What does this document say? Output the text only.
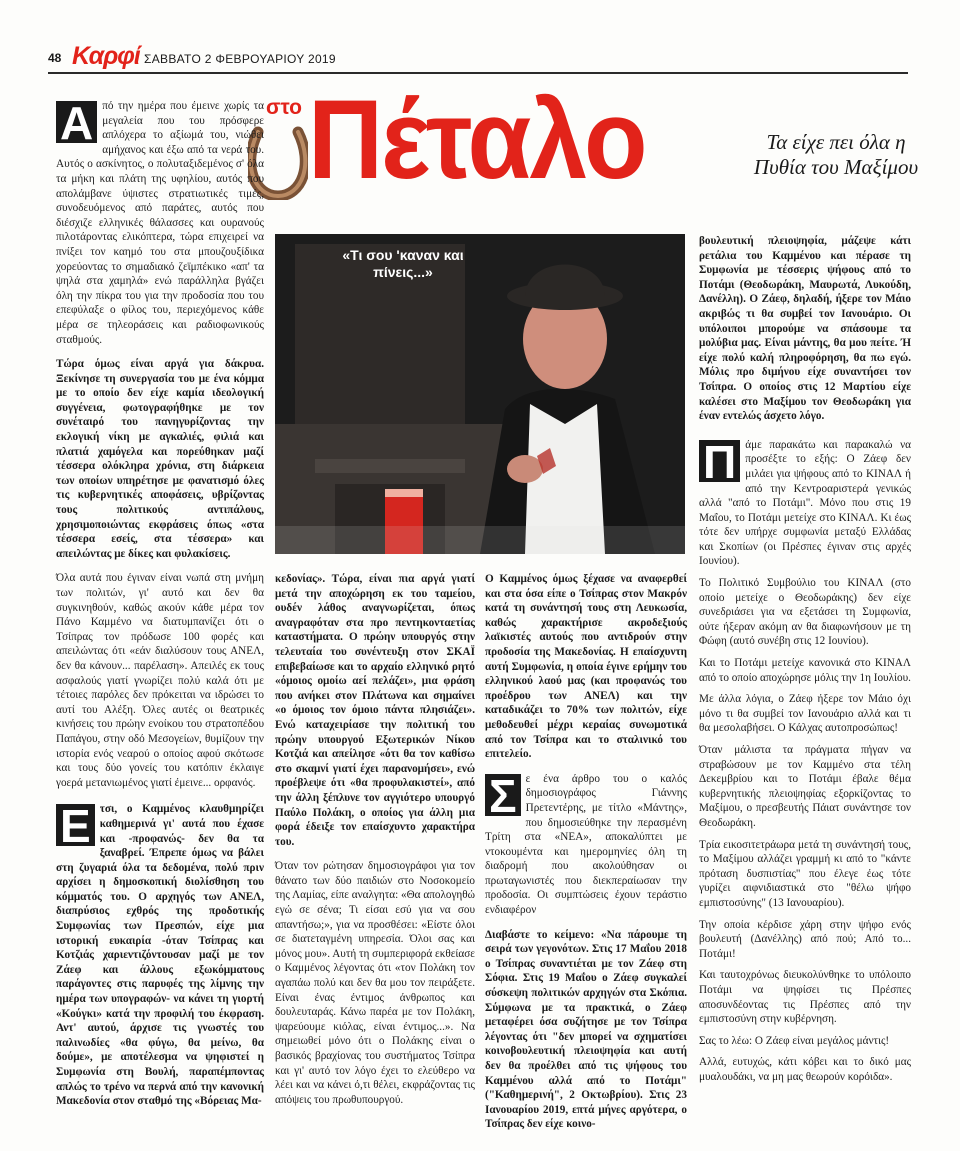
48 Καρφί ΣΑΒΒΑΤΟ 2 ΦΕΒΡΟΥΑΡΙΟΥ 2019
στο Πέταλο	Τα είχε πει όλα η Πυθία του Μαξίμου
«Τι σου 'καναν και πίνεις...»

Α πό την ημέρα που έμεινε χωρίς τα μεγαλεία που του πρόσφερε απλόχερα το αξίωμά του, νιώθει αμήχανος και έξω από τα νερά του. Αυτός ο ασκίνητος, ο πολυταξιδεμένος σ' όλα τα μήκη και πλάτη της υφηλίου, αυτός που απολάμβανε ύψιστες στρατιωτικές τιμές, συνοδευόμενος από παράτες, αυτός που διέσχιζε ελληνικές θάλασσες και ουρανούς πιλοτάροντας ελικόπτερα, τώρα επιχειρεί να πνίξει τον καημό του στα μπουζουξίδικα χορεύοντας το σημαδιακό ζεϊμπέκικο «απ' τα ψηλά στα χαμηλά» ενώ παράλληλα βγάζει όλη την πίκρα του για την προδοσία που του επεφύλαξε ο φίλος του, περιεχόμενος κάθε μέρα σε τηλεοράσεις και ραδιοφωνικούς σταθμούς.

Τώρα όμως είναι αργά για δάκρυα. Ξεκίνησε τη συνεργασία του με ένα κόμμα με το οποίο δεν είχε καμία ιδεολογική συγγένεια, φωτογραφήθηκε με τον συνέταιρό του πανηγυρίζοντας την εκλογική νίκη με αγκαλιές, φιλιά και πλατιά χαμόγελα και πορεύθηκαν μαζί τέσσερα ολόκληρα χρόνια, στη διάρκεια των οποίων υπηρέτησε με φανατισμό όλες τις κυβερνητικές αποφάσεις, υβρίζοντας τους πολιτικούς αντιπάλους, χρησιμοποιώντας εκφράσεις όπως «στα τέσσερα εσείς, στα τέσσερα» και απειλώντας με δίκες και φυλακίσεις.

Όλα αυτά που έγιναν είναι νωπά στη μνήμη των πολιτών, γι' αυτό και δεν θα συγκινηθούν, καθώς ακούν κάθε μέρα τον Πάνο Καμμένο να διατυμπανίζει ότι ο Τσίπρας τον πρόδωσε 100 φορές και απειλώντας ότι «εάν διαλύσουν τους ΑΝΕΛ, δεν θα κάνουν... παρέλαση». Απειλές εκ τους ασφαλούς γιατί γνωρίζει πολύ καλά ότι με τέτοιες παρόλες δεν πρόκειται να ιδρώσει το αυτί του Αλέξη. Όλες αυτές οι θεατρικές κινήσεις του πρώην ενοίκου του στρατοπέδου Παπάγου, στην οδό Μεσογείων, θυμίζουν την ιστορία ενός νεαρού ο οποίος αφού σκότωσε και τους δύο γονείς του κατόπιν έκλαιγε γοερά μετανιωμένος γιατί έμεινε... ορφανός.

Ε τσι, ο Καμμένος κλαυθμηρίζει καθημερινά γι' αυτά που έχασε και -προφανώς- δεν θα τα ξαναβρεί. Έπρεπε όμως να βάλει στη ζυγαριά όλα τα δεδομένα, πολύ πριν αρχίσει η δημοσκοπική διολίσθηση του κόμματός του. Ο αρχηγός των ΑΝΕΛ, διαπρύσιος εχθρός της προδοτικής Συμφωνίας των Πρεσπών, είχε μια ιστορική ευκαιρία -όταν Τσίπρας και Κοτζιάς χαριεντιζόντουσαν μαζί με τον Ζάεφ και άλλους εξωκόμματους παράγοντες στις παρυφές της λίμνης την ημέρα των υπογραφών- να κάνει τη γιορτή «Κούγκι» κατά την προφιλή του έκφραση. Αντ' αυτού, άρχισε τις γνωστές του παλινωδίες «θα φύγω, θα μείνω, θα δούμε», με αποτέλεσμα να ψηφιστεί η Συμφωνία στη Βουλή, παραπέμποντας απλώς το τρένο να περνά από την κανονική Μακεδονία στον σταθμό της «Βόρειας Μα-

κεδονίας». Τώρα, είναι πια αργά γιατί μετά την αποχώρηση εκ του ταμείου, ουδέν λάθος αναγνωρίζεται, όπως αναγραφόταν στα προ πεντηκονταετίας καταστήματα. Ο πρώην υπουργός στην τελευταία του συνέντευξη στον ΣΚΑΪ επιβεβαίωσε και το αρχαίο ελληνικό ρητό «όμοιος ομοίω αεί πελάζει», μια φράση που ανήκει στον Πλάτωνα και σημαίνει «ο όμοιος τον όμοιο πάντα πλησιάζει». Ενώ καταχειρίασε την πολιτική του πρώην υπουργού Εξωτερικών Νίκου Κοτζιά και απείλησε «ότι θα τον καθίσω στο σκαμνί γιατί έχει παρανομήσει», ενώ προέβλεψε ότι «θα προφυλακιστεί», από την άλλη ξέπλυνε τον αγγιότερο υπουργό Παύλο Πολάκη, ο οποίος για άλλη μια φορά έδειξε τον επαίσχυντο χαρακτήρα του.

Όταν τον ρώτησαν δημοσιογράφοι για τον θάνατο των δύο παιδιών στο Νοσοκομείο της Λαμίας, είπε αναλγητα: «Θα απολογηθώ εγώ σε σένα; Τι είσαι εσύ για να σου απαντήσω;», για να προσθέσει: «Είστε όλοι σε διατεταγμένη υπηρεσία. Όλοι σας και μόνος μου». Αυτή τη συμπεριφορά εκθείασε ο Καμμένος λέγοντας ότι «τον Πολάκη τον αγαπάω πολύ και δεν θα μου τον πειράξετε. Είναι ένας έντιμος άνθρωπος και δουλευταράς. Κάνω παρέα με τον Πολάκη, ψαρεύουμε κιόλας, είναι έντιμος...». Να σημειωθεί μόνο ότι ο Πολάκης είναι ο βασικός βραχίονας του συστήματος Τσίπρα και γι' αυτό τον λόγο έχει το ελεύθερο να λέει και να κάνει ό,τι θέλει, εκφράζοντας τις απόψεις του πρωθυπουργού.

Ο Καμμένος όμως ξέχασε να αναφερθεί και στα όσα είπε ο Τσίπρας στον Μακρόν κατά τη συνάντησή τους στη Λευκωσία, καθώς χαρακτήρισε ακροδεξιούς λαϊκιστές αυτούς που αντιδρούν στην προδοσία της Μακεδονίας. Η επαίσχυντη αυτή Συμφωνία, η οποία έγινε ερήμην του ελληνικού λαού μας (και προφανώς του προέδρου των ΑΝΕΛ) και την καταδικάζει το 70% των πολιτών, είχε μεθοδευθεί μέχρι κεραίας συνωμοτικά από τον Τσίπρα και το σταλινικό του επιτελείο.

Σ ε ένα άρθρο του ο καλός δημοσιογράφος Γιάννης Πρετεντέρης, με τίτλο «Μάντης», που δημοσιεύθηκε την περασμένη Τρίτη στα «ΝΕΑ», αποκαλύπτει με ντοκουμέντα και ημερομηνίες όλη τη διαδρομή που ακολούθησαν οι πρωταγωνιστές που διεκπεραίωσαν την προδοσία. Οι συμπτώσεις έχουν τεράστιο ενδιαφέρον

Διαβάστε το κείμενο: «Να πάρουμε τη σειρά των γεγονότων. Στις 17 Μαΐου 2018 ο Τσίπρας συναντιέται με τον Ζάεφ στη Σόφια. Στις 19 Μαΐου ο Ζάεφ συγκαλεί σύσκεψη πολιτικών αρχηγών στα Σκόπια. Σύμφωνα με τα πρακτικά, ο Ζάεφ μεταφέρει όσα συζήτησε με τον Τσίπρα λέγοντας ότι "δεν μπορεί να σχηματίσει κοινοβουλευτική πλειοψηφία και αυτή δεν θα προέλθει από τις ψήφους του Καμμένου αλλά από το Ποτάμι" ("Καθημερινή", 2 Οκτωβρίου). Στις 23 Ιανουαρίου 2019, επτά μήνες αργότερα, ο Τσίπρας δεν είχε κοινο-

βουλευτική πλειοψηφία, μάζεψε κάτι ρετάλια του Καμμένου και πέρασε τη Συμφωνία με τέσσερις ψήφους από το Ποτάμι (Θεοδωράκη, Μαυρωτά, Λυκούδη, Δανέλλη). Ο Ζάεφ, δηλαδή, ήξερε τον Μάιο ακριβώς τι θα συμβεί τον Ιανουάριο. Οι υπόλοιποι μπορούμε να σπάσουμε τα μολύβια μας. Είναι μάντης, θα μου πείτε. Ή είχε πολύ καλή πληροφόρηση, θα πω εγώ. Μόλις προ διμήνου είχε συναντήσει τον Τσίπρα. Ο οποίος στις 12 Μαρτίου είχε καλέσει στο Μαξίμου τον Θεοδωράκη για έναν εντελώς άσχετο λόγο.

Π άμε παρακάτω και παρακαλώ να προσέξτε το εξής: Ο Ζάεφ δεν μιλάει για ψήφους από το ΚΙΝΑΛ ή από την Κεντροαριστερά γενικώς αλλά "από το Ποτάμι". Μόνο που στις 19 Μαΐου, το Ποτάμι μετείχε στο ΚΙΝΑΛ. Κι έως τότε δεν υπήρχε συμφωνία μεταξύ Ελλάδας και Σκοπίων (οι Πρέσπες έγιναν στις αρχές Ιουνίου).

Το Πολιτικό Συμβούλιο του ΚΙΝΑΛ (στο οποίο μετείχε ο Θεοδωράκης) δεν είχε συνεδριάσει για να εξετάσει τη Συμφωνία, ούτε ήξεραν ακόμη αν θα διαφωνήσουν με τη Φώφη (αυτό συνέβη στις 12 Ιουνίου).

Και το Ποτάμι μετείχε κανονικά στο ΚΙΝΑΛ από το οποίο αποχώρησε μόλις την 1η Ιουλίου.

Με άλλα λόγια, ο Ζάεφ ήξερε τον Μάιο όχι μόνο τι θα συμβεί τον Ιανουάριο αλλά και τι θα μεσολαβήσει. Ο Κάλχας αυτοπροσώπως!

Όταν μάλιστα τα πράγματα πήγαν να στραβώσουν με τον Καμμένο στα τέλη Δεκεμβρίου και το Ποτάμι έβαλε θέμα κυβερνητικής πλειοψηφίας εξορκίζοντας το Μαξίμου, ο πρεσβευτής Πάιατ συνάντησε τον Θεοδωράκη.

Τρία εικοσιτετράωρα μετά τη συνάντησή τους, το Μαξίμου αλλάζει γραμμή κι από το "κάντε πρόταση δυσπιστίας" που έλεγε έως τότε γυρίζει αιφνιδιαστικά στο "θέλω ψήφο εμπιστοσύνης" (13 Ιανουαρίου).

Την οποία κέρδισε χάρη στην ψήφο ενός βουλευτή (Δανέλλης) από πού; Από το... Ποτάμι!

Και ταυτοχρόνως διευκολύνθηκε το υπόλοιπο Ποτάμι να ψηφίσει τις Πρέσπες αποσυνδέοντας τις Πρέσπες από την εμπιστοσύνη στην κυβέρνηση.

Σας το λέω: Ο Ζάεφ είναι μεγάλος μάντις!

Αλλά, ευτυχώς, κάτι κόβει και το δικό μας μυαλουδάκι, να μη μας θεωρούν κορόιδα».
